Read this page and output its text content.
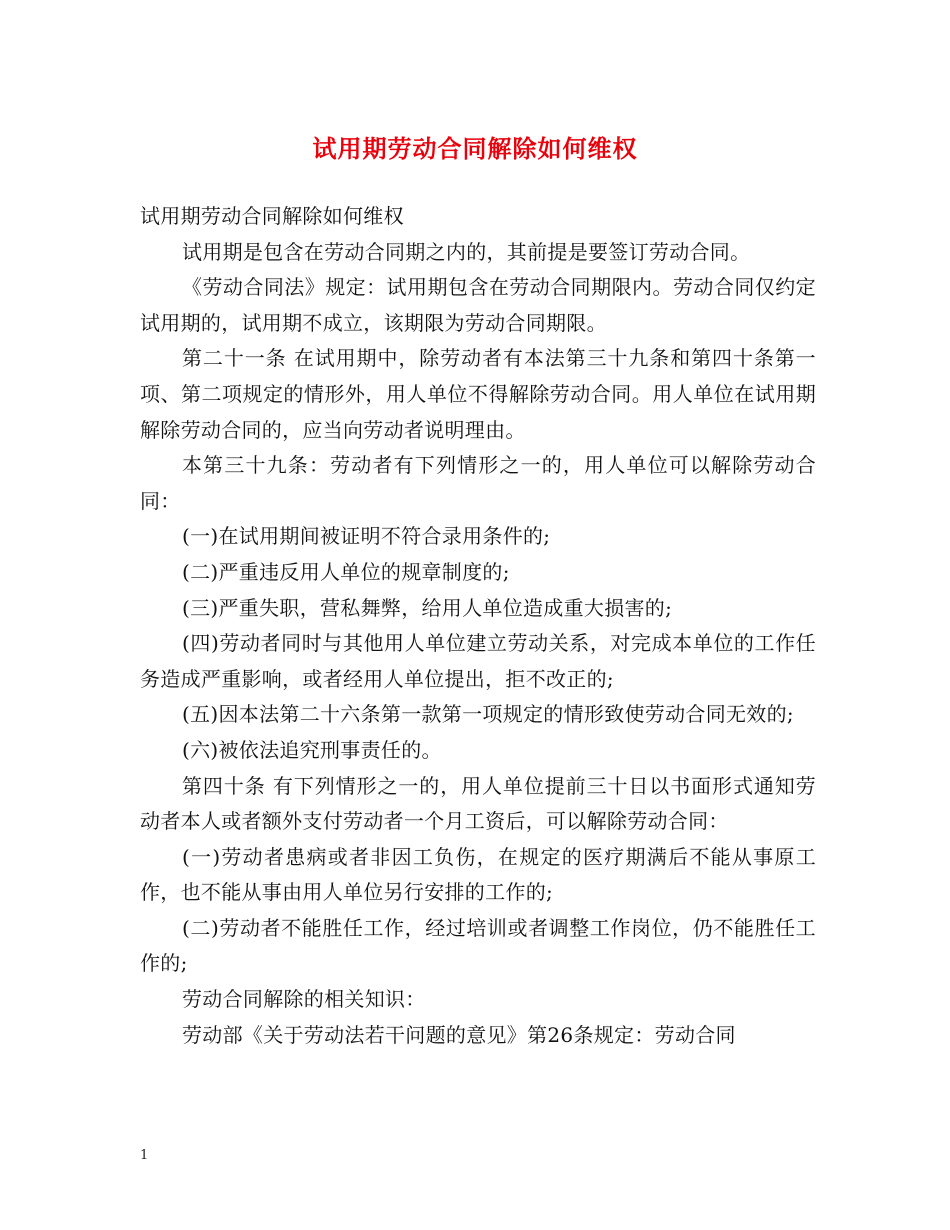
试用期劳动合同解除如何维权

试用期劳动合同解除如何维权

试用期是包含在劳动合同期之内的，其前提是要签订劳动合同。

《劳动合同法》规定：试用期包含在劳动合同期限内。劳动合同仅约定试用期的，试用期不成立，该期限为劳动合同期限。

第二十一条 在试用期中，除劳动者有本法第三十九条和第四十条第一项、第二项规定的情形外，用人单位不得解除劳动合同。用人单位在试用期解除劳动合同的，应当向劳动者说明理由。

本第三十九条：劳动者有下列情形之一的，用人单位可以解除劳动合同：

(一)在试用期间被证明不符合录用条件的;

(二)严重违反用人单位的规章制度的;

(三)严重失职，营私舞弊，给用人单位造成重大损害的;

(四)劳动者同时与其他用人单位建立劳动关系，对完成本单位的工作任务造成严重影响，或者经用人单位提出，拒不改正的;

(五)因本法第二十六条第一款第一项规定的情形致使劳动合同无效的;

(六)被依法追究刑事责任的。

第四十条 有下列情形之一的，用人单位提前三十日以书面形式通知劳动者本人或者额外支付劳动者一个月工资后，可以解除劳动合同：

(一)劳动者患病或者非因工负伤，在规定的医疗期满后不能从事原工作，也不能从事由用人单位另行安排的工作的;

(二)劳动者不能胜任工作，经过培训或者调整工作岗位，仍不能胜任工作的;

劳动合同解除的相关知识：

劳动部《关于劳动法若干问题的意见》第26条规定：劳动合同

1
